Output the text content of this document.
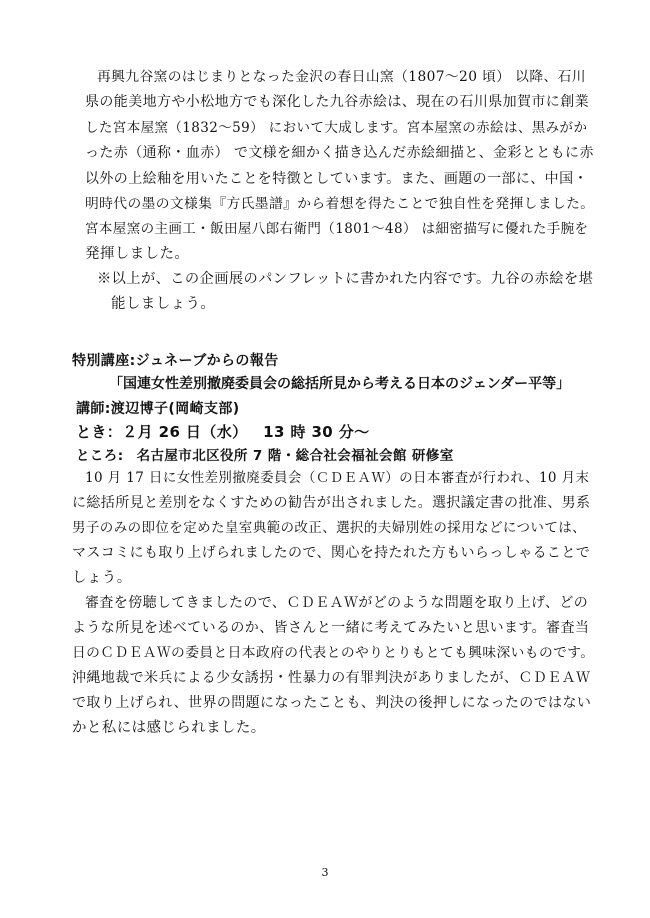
再興九谷窯のはじまりとなった金沢の春日山窯（1807～20 頃） 以降、石川
県の能美地方や小松地方でも深化した九谷赤絵は、現在の石川県加賀市に創業
した宮本屋窯（1832～59） において大成します。宮本屋窯の赤絵は、黒みがか
った赤（通称・血赤） で文様を細かく描き込んだ赤絵細描と、金彩とともに赤
以外の上絵釉を用いたことを特徴としています。また、画題の一部に、中国・
明時代の墨の文様集『方氏墨譜』から着想を得たことで独自性を発揮しました。
宮本屋窯の主画工・飯田屋八郎右衛門（1801～48） は細密描写に優れた手腕を
発揮しました。
※以上が、この企画展のパンフレットに書かれた内容です。九谷の赤絵を堪
能しましょう。
特別講座:ジュネーブからの報告
「国連女性差別撤廃委員会の総括所見から考える日本のジェンダー平等」
講師:渡辺博子(岡崎支部)
とき：２月 26 日（水） 13 時 30 分～
ところ: 名古屋市北区役所 7 階・総合社会福祉会館 研修室
10 月 17 日に女性差別撤廃委員会（ＣＤＥＡＷ）の日本審査が行われ、10 月末
に総括所見と差別をなくすための勧告が出されました。選択議定書の批准、男系
男子のみの即位を定めた皇室典範の改正、選択的夫婦別姓の採用などについては、
マスコミにも取り上げられましたので、関心を持たれた方もいらっしゃることで
しょう。
審査を傍聴してきましたので、ＣＤＥＡＷがどのような問題を取り上げ、どの
ような所見を述べているのか、皆さんと一緒に考えてみたいと思います。審査当
日のＣＤＥＡＷの委員と日本政府の代表とのやりとりもとても興味深いものです。
沖縄地裁で米兵による少女誘拐・性暴力の有罪判決がありましたが、ＣＤＥＡＷ
で取り上げられ、世界の問題になったことも、判決の後押しになったのではない
かと私には感じられました。
3
